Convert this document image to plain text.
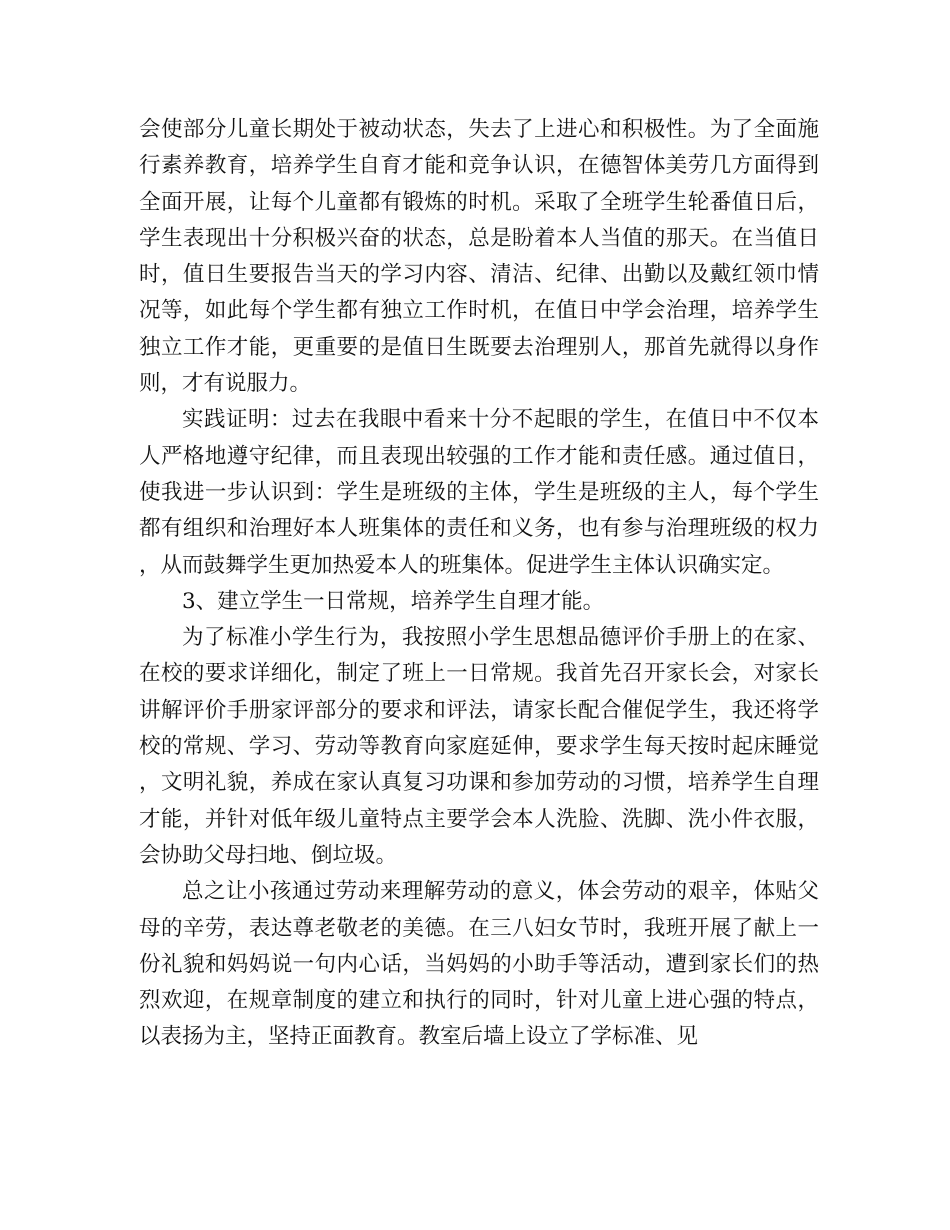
会使部分儿童长期处于被动状态，失去了上进心和积极性。为了全面施行素养教育，培养学生自育才能和竞争认识，在德智体美劳几方面得到全面开展，让每个儿童都有锻炼的时机。采取了全班学生轮番值日后，学生表现出十分积极兴奋的状态，总是盼着本人当值的那天。在当值日时，值日生要报告当天的学习内容、清洁、纪律、出勤以及戴红领巾情况等，如此每个学生都有独立工作时机，在值日中学会治理，培养学生独立工作才能，更重要的是值日生既要去治理别人，那首先就得以身作则，才有说服力。

实践证明：过去在我眼中看来十分不起眼的学生，在值日中不仅本人严格地遵守纪律，而且表现出较强的工作才能和责任感。通过值日，使我进一步认识到：学生是班级的主体，学生是班级的主人，每个学生都有组织和治理好本人班集体的责任和义务，也有参与治理班级的权力，从而鼓舞学生更加热爱本人的班集体。促进学生主体认识确实定。

3、建立学生一日常规，培养学生自理才能。

为了标准小学生行为，我按照小学生思想品德评价手册上的在家、在校的要求详细化，制定了班上一日常规。我首先召开家长会，对家长讲解评价手册家评部分的要求和评法，请家长配合催促学生，我还将学校的常规、学习、劳动等教育向家庭延伸，要求学生每天按时起床睡觉，文明礼貌，养成在家认真复习功课和参加劳动的习惯，培养学生自理才能，并针对低年级儿童特点主要学会本人洗脸、洗脚、洗小件衣服，会协助父母扫地、倒垃圾。

总之让小孩通过劳动来理解劳动的意义，体会劳动的艰辛，体贴父母的辛劳，表达尊老敬老的美德。在三八妇女节时，我班开展了献上一份礼貌和妈妈说一句内心话，当妈妈的小助手等活动，遭到家长们的热烈欢迎，在规章制度的建立和执行的同时，针对儿童上进心强的特点，以表扬为主，坚持正面教育。教室后墙上设立了学标准、见
